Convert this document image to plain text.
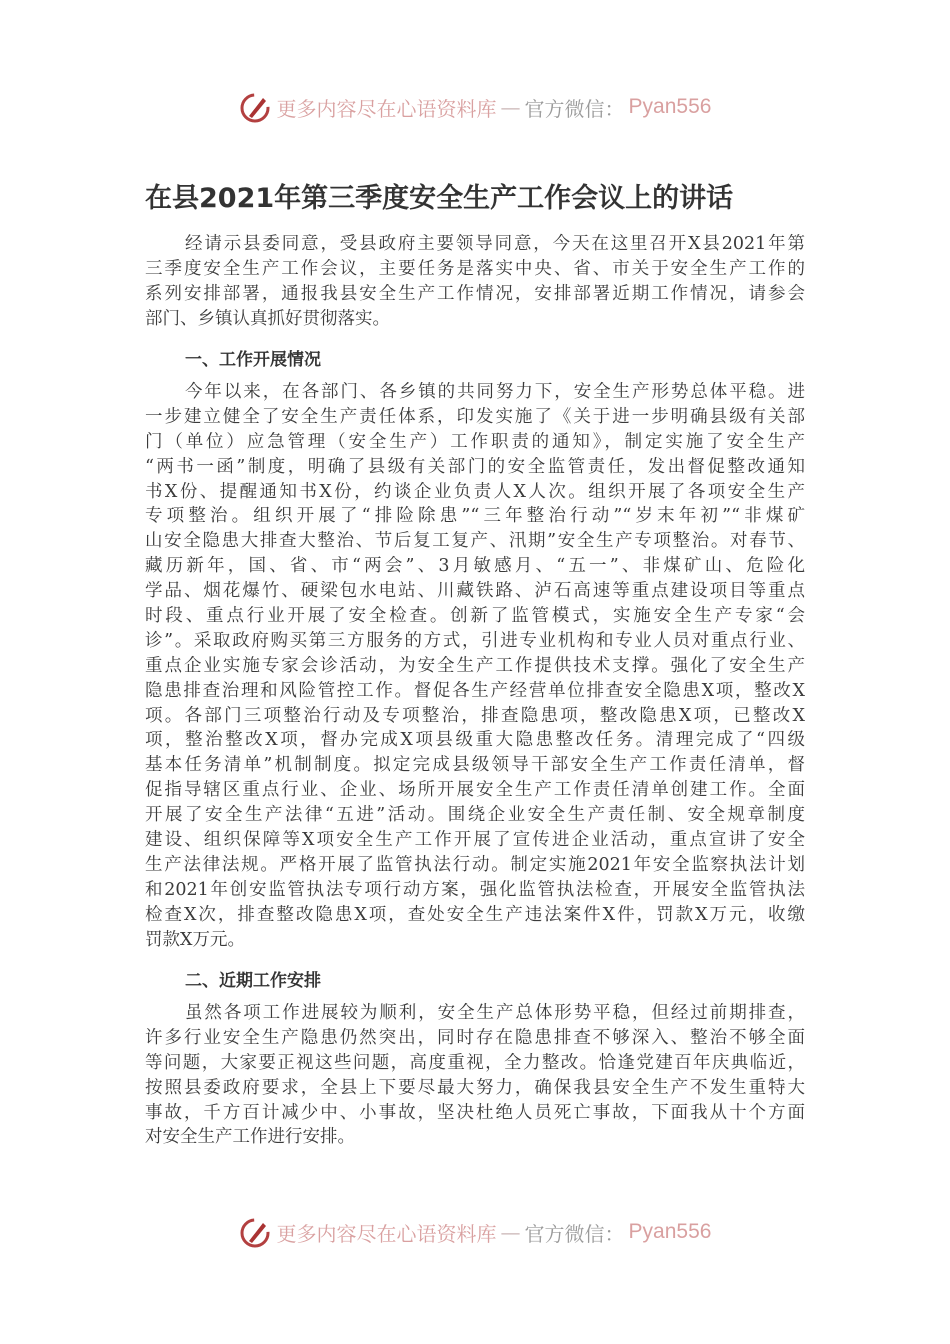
更多内容尽在心语资料库 — 官方微信： Pyan556
在县2021年第三季度安全生产工作会议上的讲话
经请示县委同意，受县政府主要领导同意，今天在这里召开X县2021年第
三季度安全生产工作会议，主要任务是落实中央、省、市关于安全生产工作的
系列安排部署，通报我县安全生产工作情况，安排部署近期工作情况，请参会
部门、乡镇认真抓好贯彻落实。
一、工作开展情况
今年以来，在各部门、各乡镇的共同努力下，安全生产形势总体平稳。进
一步建立健全了安全生产责任体系，印发实施了《关于进一步明确县级有关部
门（单位）应急管理（安全生产）工作职责的通知》，制定实施了安全生产
“两书一函”制度，明确了县级有关部门的安全监管责任，发出督促整改通知
书X份、提醒通知书X份，约谈企业负责人X人次。组织开展了各项安全生产
专项整治。组织开展了“排险除患”“三年整治行动”“岁末年初”“非煤矿
山安全隐患大排查大整治、节后复工复产、汛期”安全生产专项整治。对春节、
藏历新年，国、省、市“两会”、3月敏感月、“五一”、非煤矿山、危险化
学品、烟花爆竹、硬梁包水电站、川藏铁路、泸石高速等重点建设项目等重点
时段、重点行业开展了安全检查。创新了监管模式，实施安全生产专家“会
诊”。采取政府购买第三方服务的方式，引进专业机构和专业人员对重点行业、
重点企业实施专家会诊活动，为安全生产工作提供技术支撑。强化了安全生产
隐患排查治理和风险管控工作。督促各生产经营单位排查安全隐患X项，整改X
项。各部门三项整治行动及专项整治，排查隐患项，整改隐患X项，已整改X
项，整治整改X项，督办完成X项县级重大隐患整改任务。清理完成了“四级
基本任务清单”机制制度。拟定完成县级领导干部安全生产工作责任清单，督
促指导辖区重点行业、企业、场所开展安全生产工作责任清单创建工作。全面
开展了安全生产法律“五进”活动。围绕企业安全生产责任制、安全规章制度
建设、组织保障等X项安全生产工作开展了宣传进企业活动，重点宣讲了安全
生产法律法规。严格开展了监管执法行动。制定实施2021年安全监察执法计划
和2021年创安监管执法专项行动方案，强化监管执法检查，开展安全监管执法
检查X次，排查整改隐患X项，查处安全生产违法案件X件，罚款X万元，收缴
罚款X万元。
二、近期工作安排
虽然各项工作进展较为顺利，安全生产总体形势平稳，但经过前期排查，
许多行业安全生产隐患仍然突出，同时存在隐患排查不够深入、整治不够全面
等问题，大家要正视这些问题，高度重视，全力整改。恰逢党建百年庆典临近，
按照县委政府要求，全县上下要尽最大努力，确保我县安全生产不发生重特大
事故，千方百计减少中、小事故，坚决杜绝人员死亡事故，下面我从十个方面
对安全生产工作进行安排。
更多内容尽在心语资料库 — 官方微信： Pyan556
